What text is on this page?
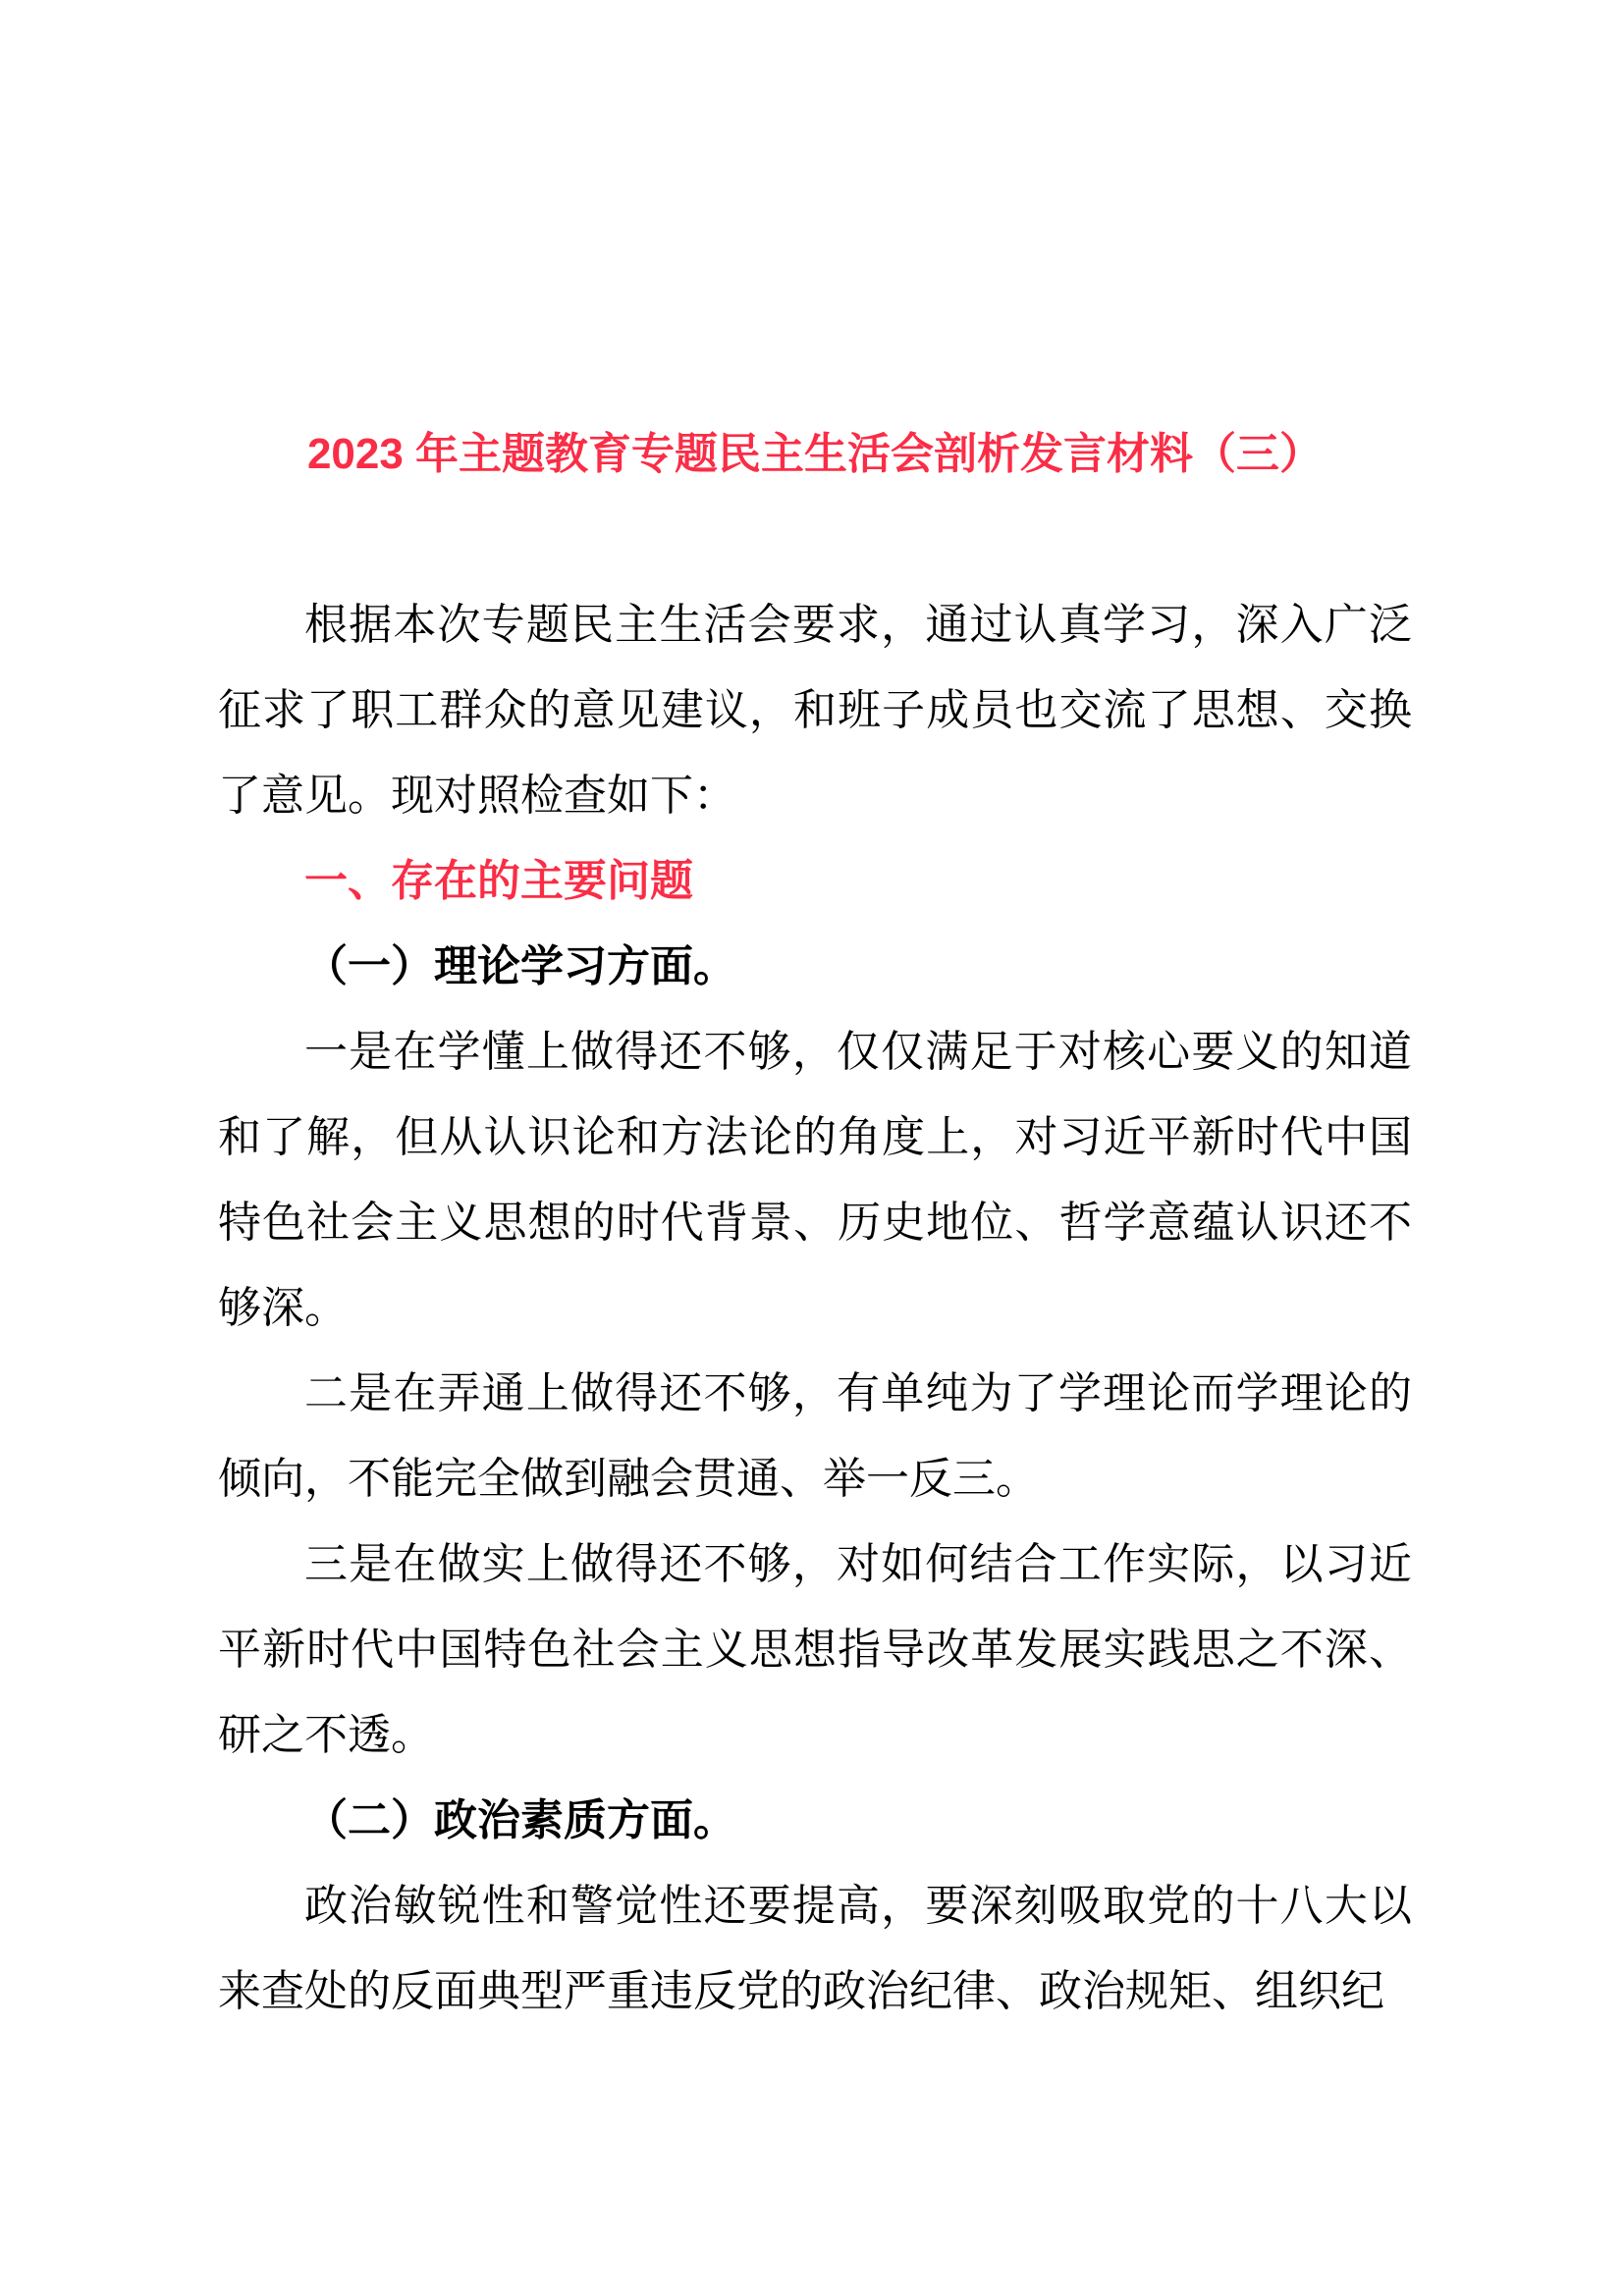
2023 年主题教育专题民主生活会剖析发言材料（三）

根据本次专题民主生活会要求，通过认真学习，深入广泛征求了职工群众的意见建议，和班子成员也交流了思想、交换了意见。现对照检查如下：

一、存在的主要问题

（一）理论学习方面。

一是在学懂上做得还不够，仅仅满足于对核心要义的知道和了解，但从认识论和方法论的角度上，对习近平新时代中国特色社会主义思想的时代背景、历史地位、哲学意蕴认识还不够深。

二是在弄通上做得还不够，有单纯为了学理论而学理论的倾向，不能完全做到融会贯通、举一反三。

三是在做实上做得还不够，对如何结合工作实际，以习近平新时代中国特色社会主义思想指导改革发展实践思之不深、研之不透。

（二）政治素质方面。

政治敏锐性和警觉性还要提高，要深刻吸取党的十八大以来查处的反面典型严重违反党的政治纪律、政治规矩、组织纪
